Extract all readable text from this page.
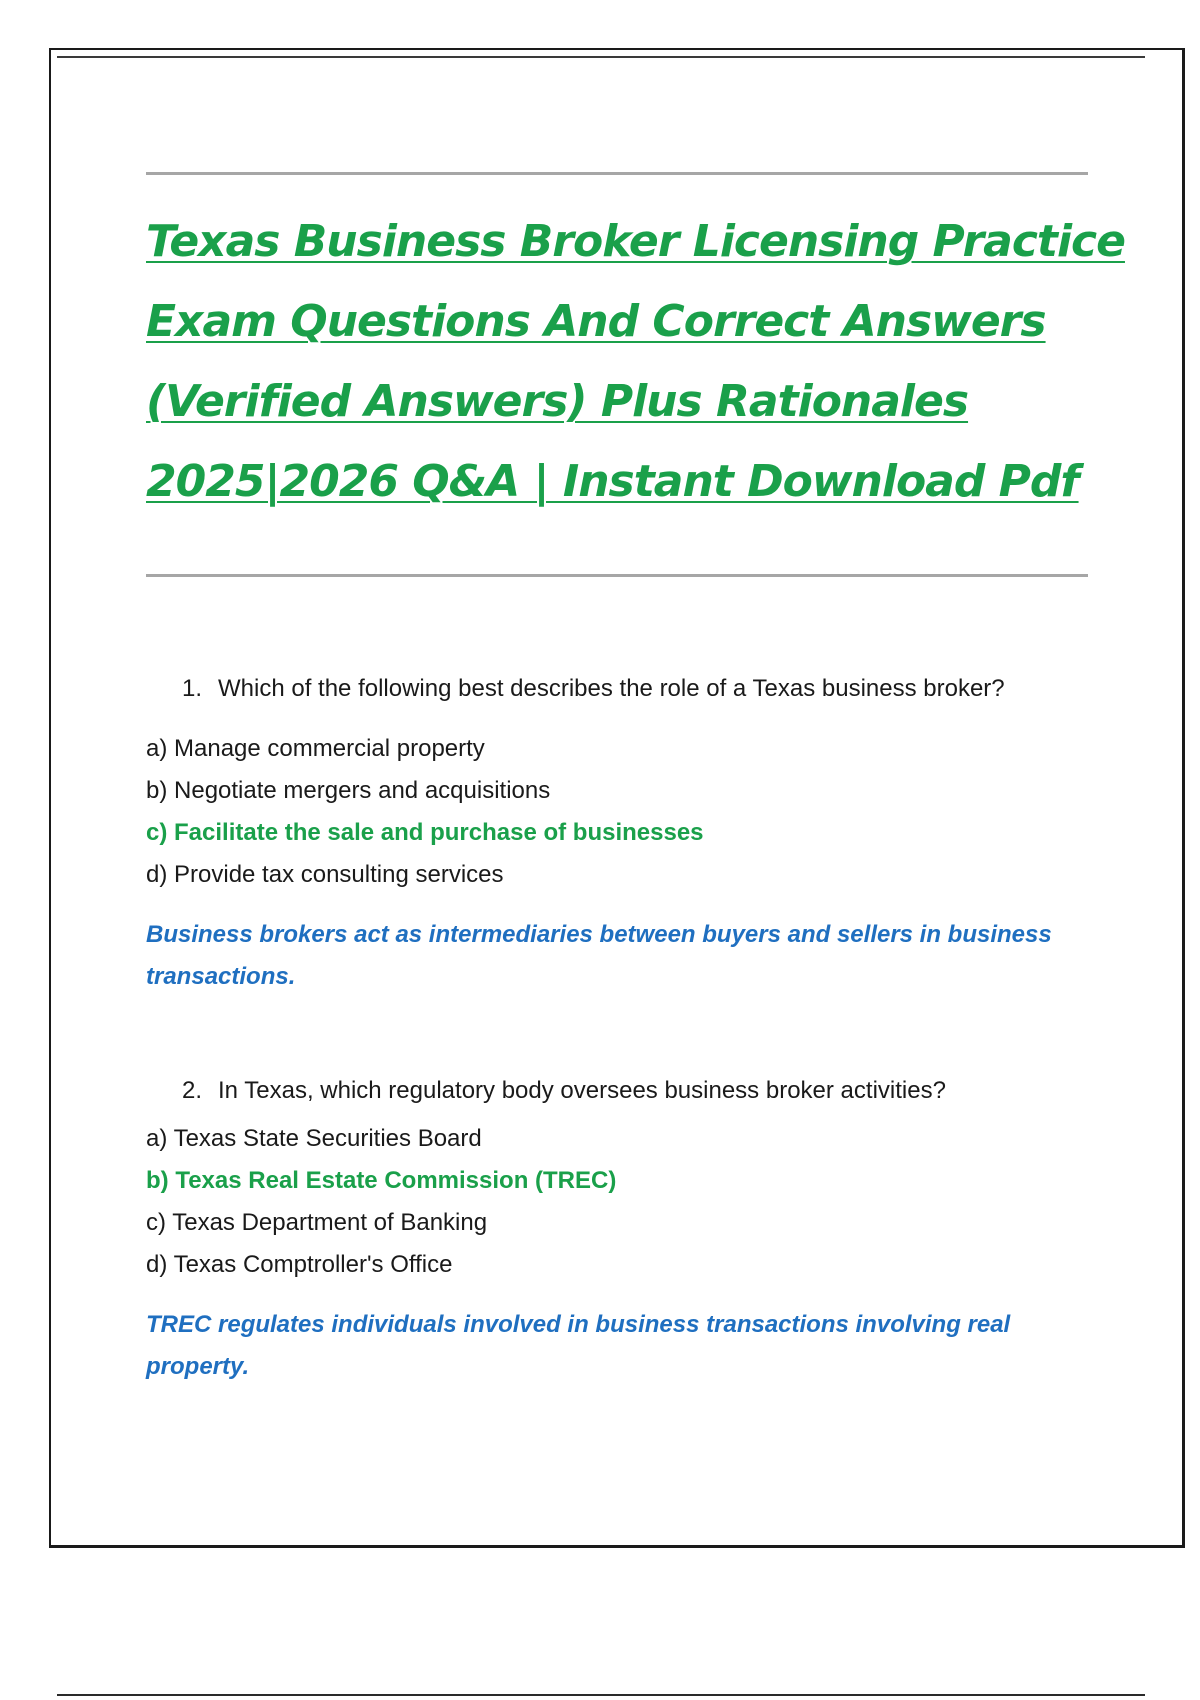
Texas Business Broker Licensing Practice
Exam Questions And Correct Answers
(Verified Answers) Plus Rationales
2025|2026 Q&A | Instant Download Pdf

1. Which of the following best describes the role of a Texas business broker?

a) Manage commercial property
b) Negotiate mergers and acquisitions
c) Facilitate the sale and purchase of businesses
d) Provide tax consulting services

Business brokers act as intermediaries between buyers and sellers in business transactions.

2. In Texas, which regulatory body oversees business broker activities?

a) Texas State Securities Board
b) Texas Real Estate Commission (TREC)
c) Texas Department of Banking
d) Texas Comptroller's Office

TREC regulates individuals involved in business transactions involving real property.
